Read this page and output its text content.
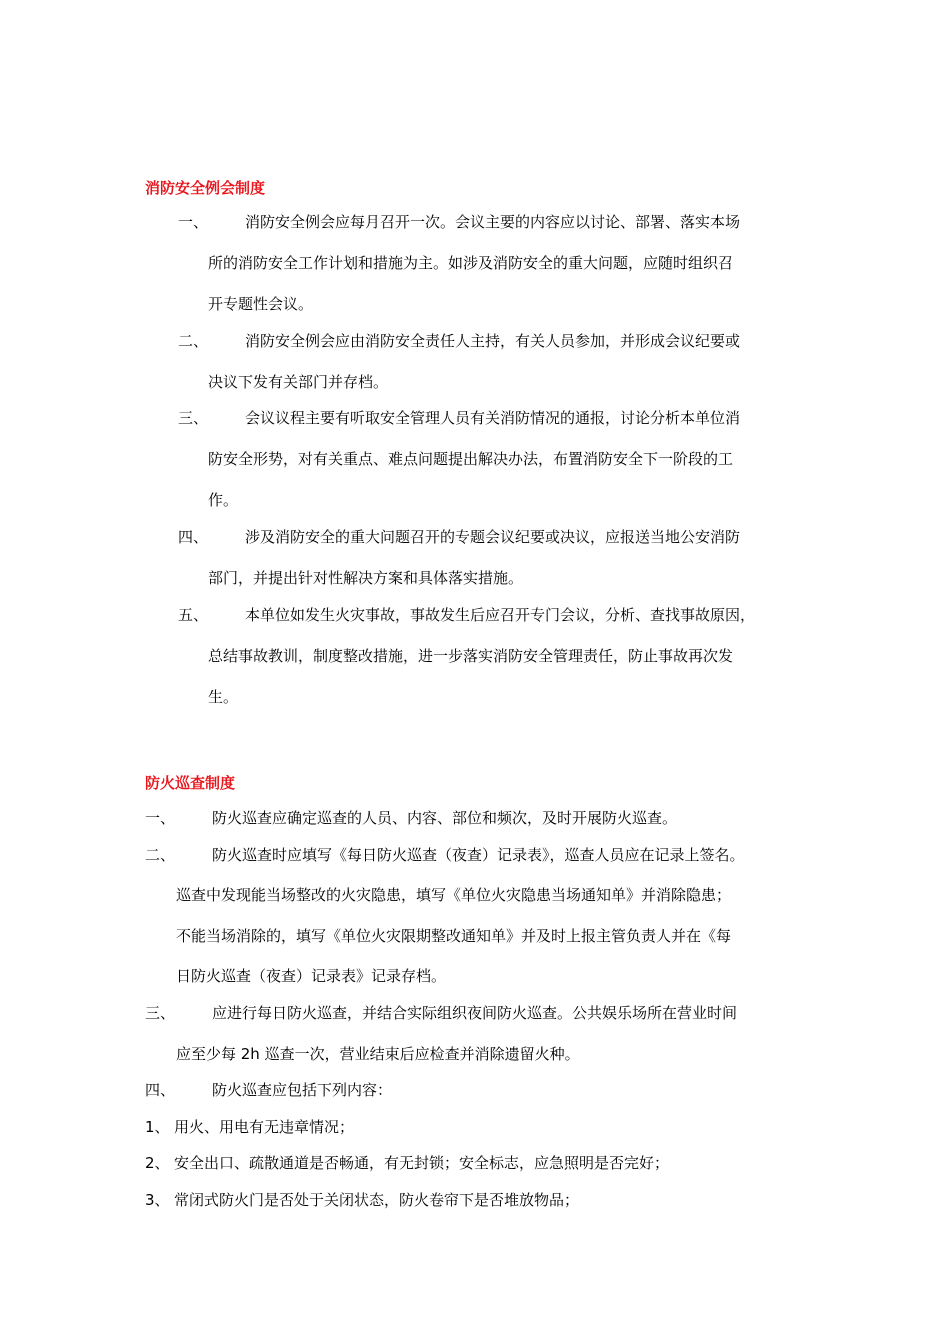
消防安全例会制度
一、 消防安全例会应每月召开一次。会议主要的内容应以讨论、部署、落实本场
所的消防安全工作计划和措施为主。如涉及消防安全的重大问题，应随时组织召
开专题性会议。
二、 消防安全例会应由消防安全责任人主持，有关人员参加，并形成会议纪要或
决议下发有关部门并存档。
三、 会议议程主要有听取安全管理人员有关消防情况的通报，讨论分析本单位消
防安全形势，对有关重点、难点问题提出解决办法，布置消防安全下一阶段的工
作。
四、 涉及消防安全的重大问题召开的专题会议纪要或决议，应报送当地公安消防
部门，并提出针对性解决方案和具体落实措施。
五、 本单位如发生火灾事故，事故发生后应召开专门会议，分析、查找事故原因，
总结事故教训，制度整改措施，进一步落实消防安全管理责任，防止事故再次发
生。
防火巡查制度
一、 防火巡查应确定巡查的人员、内容、部位和频次，及时开展防火巡查。
二、 防火巡查时应填写《每日防火巡查（夜查）记录表》，巡查人员应在记录上签名。
巡查中发现能当场整改的火灾隐患，填写《单位火灾隐患当场通知单》并消除隐患；
不能当场消除的，填写《单位火灾限期整改通知单》并及时上报主管负责人并在《每
日防火巡查（夜查）记录表》记录存档。
三、 应进行每日防火巡查，并结合实际组织夜间防火巡查。公共娱乐场所在营业时间
应至少每 2h 巡查一次，营业结束后应检查并消除遗留火种。
四、 防火巡查应包括下列内容：
1、 用火、用电有无违章情况；
2、 安全出口、疏散通道是否畅通，有无封锁；安全标志，应急照明是否完好；
3、 常闭式防火门是否处于关闭状态，防火卷帘下是否堆放物品；
